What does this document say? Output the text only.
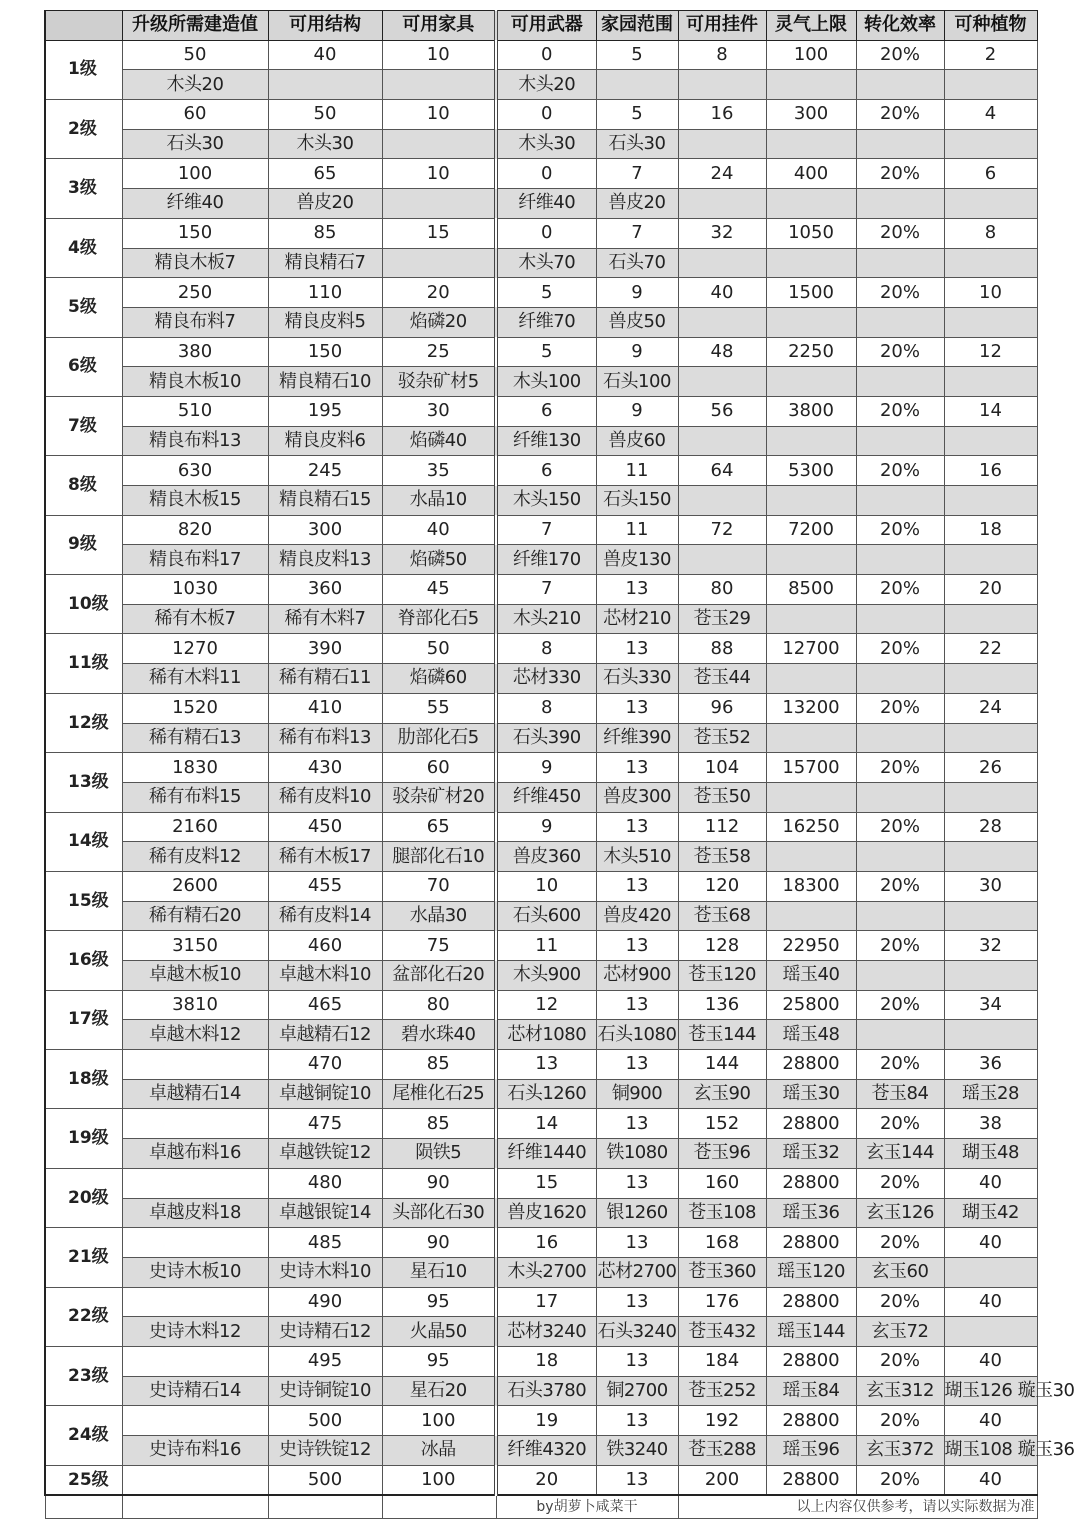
	升级所需建造值	可用结构	可用家具	可用武器	家园范围	可用挂件	灵气上限	转化效率	可种植物
1级	50	40	10	0	5	8	100	20%	2
	木头20			木头20					
2级	60	50	10	0	5	16	300	20%	4
	石头30	木头30		木头30	石头30				
3级	100	65	10	0	7	24	400	20%	6
	纤维40	兽皮20		纤维40	兽皮20				
4级	150	85	15	0	7	32	1050	20%	8
	精良木板7	精良精石7		木头70	石头70				
5级	250	110	20	5	9	40	1500	20%	10
	精良布料7	精良皮料5	焰磷20	纤维70	兽皮50				
6级	380	150	25	5	9	48	2250	20%	12
	精良木板10	精良精石10	驳杂矿材5	木头100	石头100				
7级	510	195	30	6	9	56	3800	20%	14
	精良布料13	精良皮料6	焰磷40	纤维130	兽皮60				
8级	630	245	35	6	11	64	5300	20%	16
	精良木板15	精良精石15	水晶10	木头150	石头150				
9级	820	300	40	7	11	72	7200	20%	18
	精良布料17	精良皮料13	焰磷50	纤维170	兽皮130				
10级	1030	360	45	7	13	80	8500	20%	20
	稀有木板7	稀有木料7	脊部化石5	木头210	芯材210	苍玉29			
11级	1270	390	50	8	13	88	12700	20%	22
	稀有木料11	稀有精石11	焰磷60	芯材330	石头330	苍玉44			
12级	1520	410	55	8	13	96	13200	20%	24
	稀有精石13	稀有布料13	肋部化石5	石头390	纤维390	苍玉52			
13级	1830	430	60	9	13	104	15700	20%	26
	稀有布料15	稀有皮料10	驳杂矿材20	纤维450	兽皮300	苍玉50			
14级	2160	450	65	9	13	112	16250	20%	28
	稀有皮料12	稀有木板17	腿部化石10	兽皮360	木头510	苍玉58			
15级	2600	455	70	10	13	120	18300	20%	30
	稀有精石20	稀有皮料14	水晶30	石头600	兽皮420	苍玉68			
16级	3150	460	75	11	13	128	22950	20%	32
	卓越木板10	卓越木料10	盆部化石20	木头900	芯材900	苍玉120	瑶玉40		
17级	3810	465	80	12	13	136	25800	20%	34
	卓越木料12	卓越精石12	碧水珠40	芯材1080	石头1080	苍玉144	瑶玉48		
18级		470	85	13	13	144	28800	20%	36
	卓越精石14	卓越铜锭10	尾椎化石25	石头1260	铜900	玄玉90	瑶玉30	苍玉84	瑶玉28
19级		475	85	14	13	152	28800	20%	38
	卓越布料16	卓越铁锭12	陨铁5	纤维1440	铁1080	苍玉96	瑶玉32	玄玉144	瑚玉48
20级		480	90	15	13	160	28800	20%	40
	卓越皮料18	卓越银锭14	头部化石30	兽皮1620	银1260	苍玉108	瑶玉36	玄玉126	瑚玉42
21级		485	90	16	13	168	28800	20%	40
	史诗木板10	史诗木料10	星石10	木头2700	芯材2700	苍玉360	瑶玉120	玄玉60	
22级		490	95	17	13	176	28800	20%	40
	史诗木料12	史诗精石12	火晶50	芯材3240	石头3240	苍玉432	瑶玉144	玄玉72	
23级		495	95	18	13	184	28800	20%	40
	史诗精石14	史诗铜锭10	星石20	石头3780	铜2700	苍玉252	瑶玉84	玄玉312	瑚玉126 璇玉30
24级		500	100	19	13	192	28800	20%	40
	史诗布料16	史诗铁锭12	冰晶	纤维4320	铁3240	苍玉288	瑶玉96	玄玉372	瑚玉108 璇玉36
25级		500	100	20	13	200	28800	20%	40
				by胡萝卜咸菜干		以上内容仅供参考，请以实际数据为准			
